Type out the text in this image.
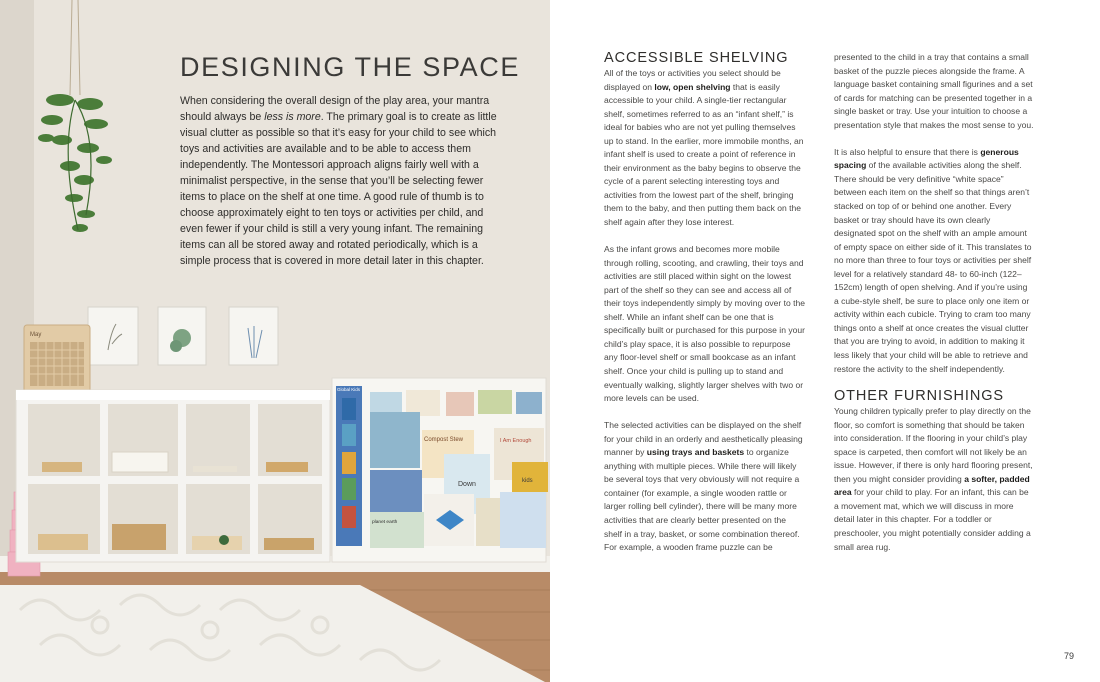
May
Global Kids
Compost Stew	I Am Enough
Down	kids
planet earth
DESIGNING THE SPACE

When considering the overall design of the play area, your mantra should always be less is more. The primary goal is to create as little visual clutter as possible so that it’s easy for your child to see which toys and activities are available and to be able to access them independently. The Montessori approach aligns fairly well with a minimalist perspective, in the sense that you’ll be selecting fewer items to place on the shelf at one time. A good rule of thumb is to choose approximately eight to ten toys or activities per child, and even fewer if your child is still a very young infant. The remaining items can all be stored away and rotated periodically, which is a simple process that is covered in more detail later in this chapter.

ACCESSIBLE SHELVING

All of the toys or activities you select should be displayed on low, open shelving that is easily accessible to your child. A single-tier rectangular shelf, sometimes referred to as an “infant shelf,” is ideal for babies who are not yet pulling themselves up to stand. In the earlier, more immobile months, an infant shelf is used to create a point of reference in their environment as the baby begins to observe the cycle of a parent selecting interesting toys and activities from the lowest part of the shelf, bringing them to the baby, and then putting them back on the shelf again after they lose interest.

As the infant grows and becomes more mobile through rolling, scooting, and crawling, their toys and activities are still placed within sight on the lowest part of the shelf so they can see and access all of their toys independently simply by moving over to the shelf. While an infant shelf can be one that is specifically built or purchased for this purpose in your child’s play space, it is also possible to repurpose any floor-level shelf or small bookcase as an infant shelf. Once your child is pulling up to stand and eventually walking, slightly larger shelves with two or more levels can be used.

The selected activities can be displayed on the shelf for your child in an orderly and aesthetically pleasing manner by using trays and baskets to organize anything with multiple pieces. While there will likely be several toys that very obviously will not require a container (for example, a single wooden rattle or larger rolling bell cylinder), there will be many more activities that are clearly better presented on the shelf in a tray, basket, or some combination thereof. For example, a wooden frame puzzle can be

presented to the child in a tray that contains a small basket of the puzzle pieces alongside the frame. A language basket containing small figurines and a set of cards for matching can be presented together in a single basket or tray. Use your intuition to choose a presentation style that makes the most sense to you.

It is also helpful to ensure that there is generous spacing of the available activities along the shelf. There should be very definitive “white space” between each item on the shelf so that things aren’t stacked on top of or behind one another. Every basket or tray should have its own clearly designated spot on the shelf with an ample amount of empty space on either side of it. This translates to no more than three to four toys or activities per shelf level for a relatively standard 48- to 60-inch (122–152cm) length of open shelving. And if you’re using a cube-style shelf, be sure to place only one item or activity within each cubicle. Trying to cram too many things onto a shelf at once creates the visual clutter that you are trying to avoid, in addition to making it less likely that your child will be able to retrieve and restore the activity to the shelf independently.

OTHER FURNISHINGS

Young children typically prefer to play directly on the floor, so comfort is something that should be taken into consideration. If the flooring in your child’s play space is carpeted, then comfort will not likely be an issue. However, if there is only hard flooring present, then you might consider providing a softer, padded area for your child to play. For an infant, this can be a movement mat, which we will discuss in more detail later in this chapter. For a toddler or preschooler, you might potentially consider adding a small area rug.

79
